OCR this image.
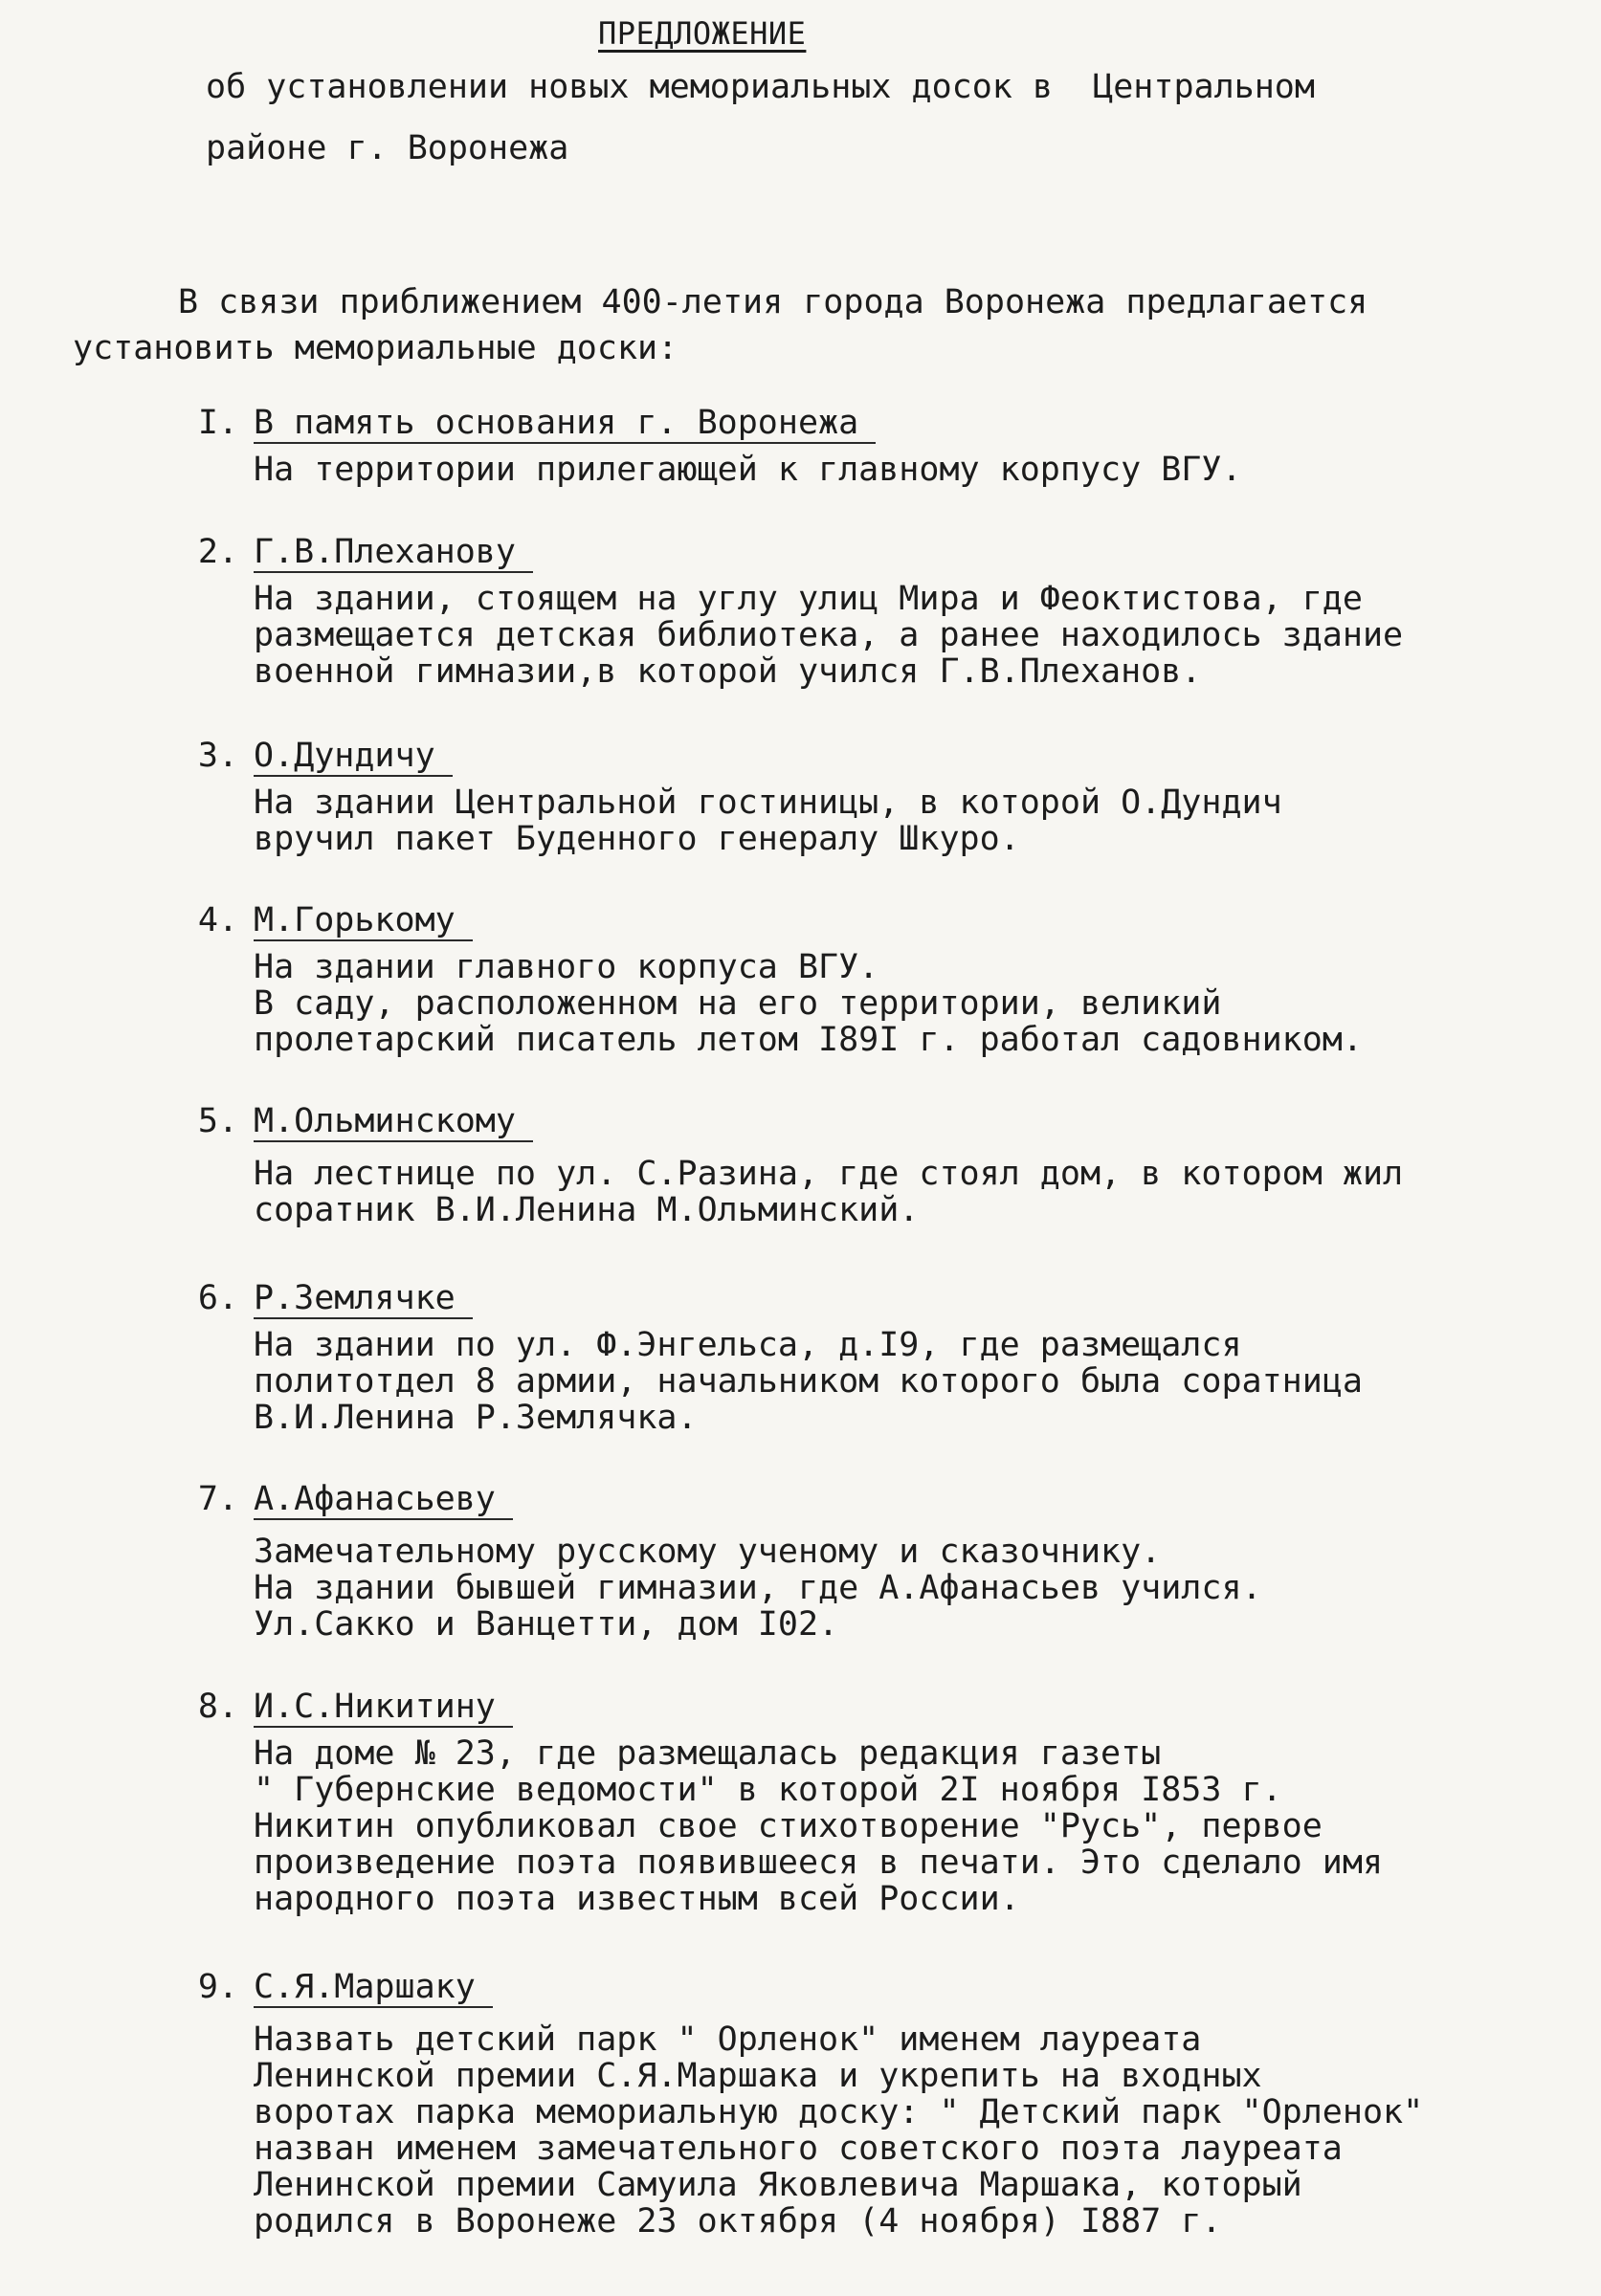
ПРЕДЛОЖЕНИЕ
об установлении новых мемориальных досок в  Центральном
районе г. Воронежа
В связи приближением 400-летия города Воронежа предлагается
установить мемориальные доски:
I. В память основания г. Воронежа
На территории прилегающей к главному корпусу ВГУ.
2. Г.В.Плеханову
На здании, стоящем на углу улиц Мира и Феоктистова, где
размещается детская библиотека, а ранее находилось здание
военной гимназии,в которой учился Г.В.Плеханов.
3. О.Дундичу
На здании Центральной гостиницы, в которой О.Дундич
вручил пакет Буденного генералу Шкуро.
4. М.Горькому
На здании главного корпуса ВГУ.
В саду, расположенном на его территории, великий
пролетарский писатель летом I89I г. работал садовником.
5. М.Ольминскому
На лестнице по ул. С.Разина, где стоял дом, в котором жил
соратник В.И.Ленина М.Ольминский.
6. Р.Землячке
На здании по ул. Ф.Энгельса, д.I9, где размещался
политотдел 8 армии, начальником которого была соратница
В.И.Ленина Р.Землячка.
7. А.Афанасьеву
Замечательному русскому ученому и сказочнику.
На здании бывшей гимназии, где А.Афанасьев учился.
Ул.Сакко и Ванцетти, дом I02.
8. И.С.Никитину
На доме № 23, где размещалась редакция газеты
" Губернские ведомости" в которой 2I ноября I853 г.
Никитин опубликовал свое стихотворение "Русь", первое
произведение поэта появившееся в печати. Это сделало имя
народного поэта известным всей России.
9. С.Я.Маршаку
Назвать детский парк " Орленок" именем лауреата
Ленинской премии С.Я.Маршака и укрепить на входных
воротах парка мемориальную доску: " Детский парк "Орленок"
назван именем замечательного советского поэта лауреата
Ленинской премии Самуила Яковлевича Маршака, который
родился в Воронеже 23 октября (4 ноября) I887 г.
